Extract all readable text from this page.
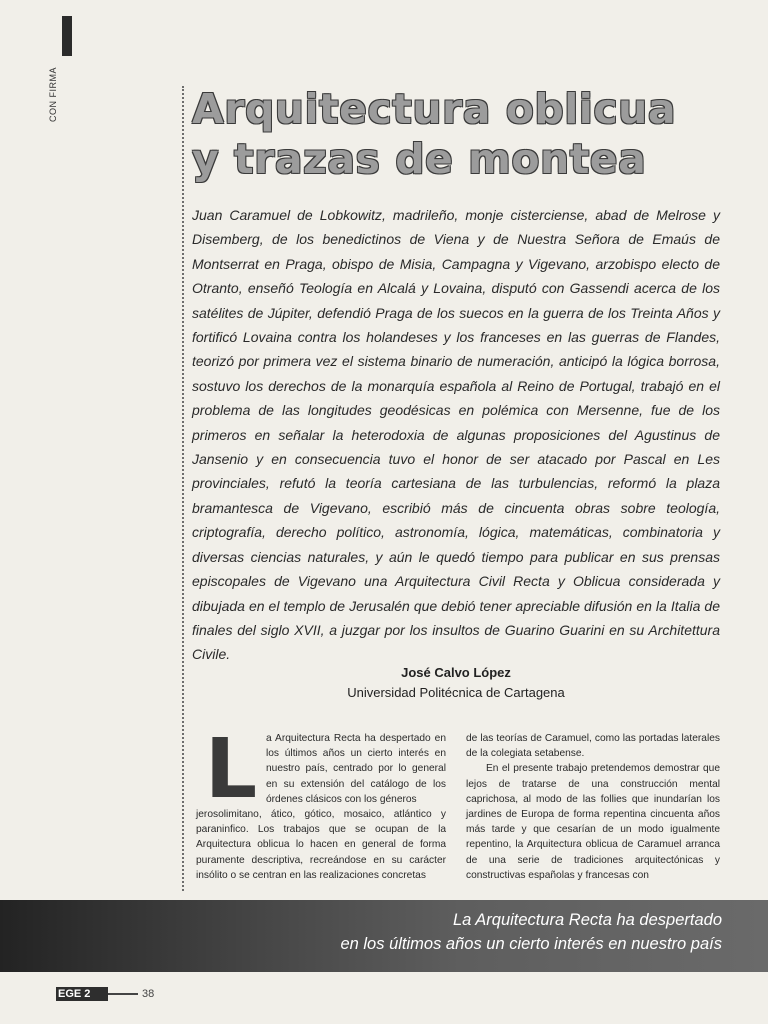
CON FIRMA	Arquitectura oblicua
y trazas de montea
Juan Caramuel de Lobkowitz, madrileño, monje cisterciense, abad de Melrose y Disemberg, de los benedictinos de Viena y de Nuestra Señora de Emaús de Montserrat en Praga, obispo de Misia, Campagna y Vigevano, arzobispo electo de Otranto, enseñó Teología en Alcalá y Lovaina, disputó con Gassendi acerca de los satélites de Júpiter, defendió Praga de los suecos en la guerra de los Treinta Años y fortificó Lovaina contra los holandeses y los franceses en las guerras de Flandes, teorizó por primera vez el sistema binario de numeración, anticipó la lógica borrosa, sostuvo los derechos de la monarquía española al Reino de Portugal, trabajó en el problema de las longitudes geodésicas en polémica con Mersenne, fue de los primeros en señalar la heterodoxia de algunas proposiciones del Agustinus de Jansenio y en consecuencia tuvo el honor de ser atacado por Pascal en Les provinciales, refutó la teoría cartesiana de las turbulencias, reformó la plaza bramantesca de Vigevano, escribió más de cincuenta obras sobre teología, criptografía, derecho político, astronomía, lógica, matemáticas, combinatoria y diversas ciencias naturales, y aún le quedó tiempo para publicar en sus prensas episcopales de Vigevano una Arquitectura Civil Recta y Oblicua considerada y dibujada en el templo de Jerusalén que debió tener apreciable difusión en la Italia de finales del siglo XVII, a juzgar por los insultos de Guarino Guarini en su Architettura Civile.
José Calvo López
Universidad Politécnica de Cartagena
L a Arquitectura Recta ha despertado en los últimos años un cierto interés en nuestro país, centrado por lo general en su extensión del catálogo de los órdenes clásicos con los géneros
jerosolimitano, ático, gótico, mosaico, atlántico y paraninfico. Los trabajos que se ocupan de la Arquitectura oblicua lo hacen en general de forma puramente descriptiva, recreándose en su carácter insólito o se centran en las realizaciones concretas

de las teorías de Caramuel, como las portadas laterales de la colegiata setabense.

En el presente trabajo pretendemos demostrar que lejos de tratarse de una construcción mental caprichosa, al modo de las follies que inundarían los jardines de Europa de forma repentina cincuenta años más tarde y que cesarían de un modo igualmente repentino, la Arquitectura oblicua de Caramuel arranca de una serie de tradiciones arquitectónicas y constructivas españolas y francesas con

La Arquitectura Recta ha despertado
en los últimos años un cierto interés en nuestro país
EGE 2	38
